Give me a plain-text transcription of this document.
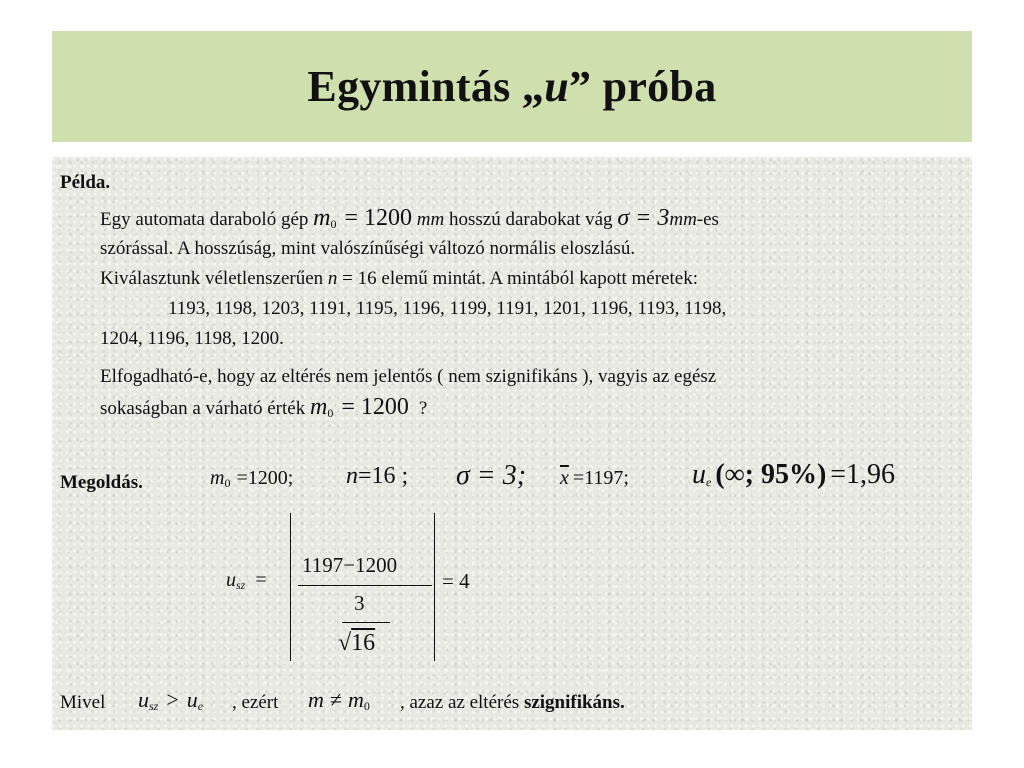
Egymintás „u” próba
Példa.
Egy automata daraboló gép $m_0 = 1200$ mm hosszú darabokat vág σ = 3mm-es
szórással. A hosszúság, mint valószínűségi változó normális eloszlású.
Kiválasztunk véletlenszerűen n = 16 elemű mintát. A mintából kapott méretek:
1193, 1198, 1203, 1191, 1195, 1196, 1199, 1191, 1201, 1196, 1193, 1198,
1204, 1196, 1198, 1200.
Elfogadható-e, hogy az eltérés nem jelentős ( nem szignifikáns ), vagyis az egész
sokaságban a várható érték $m_0 = 1200$ ?
Megoldás.	$m_0 =1200$; n=16 ; σ = 3; $\overline{x} =1197$; $u_e$ (∞; 95%) =1,96
$u_{sz}$ =
1197−1200
3
√16
= 4
Mivel $u_{sz} > u_e$ , ezért $m \ne m_0$ , azaz az eltérés szignifikáns.
